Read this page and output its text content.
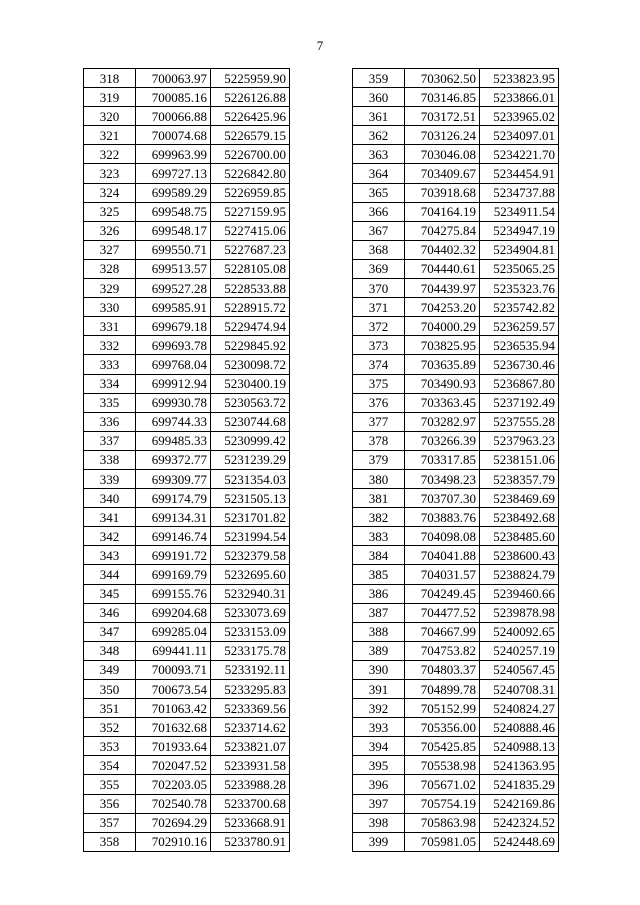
7
318	700063.97	5225959.90
319	700085.16	5226126.88
320	700066.88	5226425.96
321	700074.68	5226579.15
322	699963.99	5226700.00
323	699727.13	5226842.80
324	699589.29	5226959.85
325	699548.75	5227159.95
326	699548.17	5227415.06
327	699550.71	5227687.23
328	699513.57	5228105.08
329	699527.28	5228533.88
330	699585.91	5228915.72
331	699679.18	5229474.94
332	699693.78	5229845.92
333	699768.04	5230098.72
334	699912.94	5230400.19
335	699930.78	5230563.72
336	699744.33	5230744.68
337	699485.33	5230999.42
338	699372.77	5231239.29
339	699309.77	5231354.03
340	699174.79	5231505.13
341	699134.31	5231701.82
342	699146.74	5231994.54
343	699191.72	5232379.58
344	699169.79	5232695.60
345	699155.76	5232940.31
346	699204.68	5233073.69
347	699285.04	5233153.09
348	699441.11	5233175.78
349	700093.71	5233192.11
350	700673.54	5233295.83
351	701063.42	5233369.56
352	701632.68	5233714.62
353	701933.64	5233821.07
354	702047.52	5233931.58
355	702203.05	5233988.28
356	702540.78	5233700.68
357	702694.29	5233668.91
358	702910.16	5233780.91
359	703062.50	5233823.95
360	703146.85	5233866.01
361	703172.51	5233965.02
362	703126.24	5234097.01
363	703046.08	5234221.70
364	703409.67	5234454.91
365	703918.68	5234737.88
366	704164.19	5234911.54
367	704275.84	5234947.19
368	704402.32	5234904.81
369	704440.61	5235065.25
370	704439.97	5235323.76
371	704253.20	5235742.82
372	704000.29	5236259.57
373	703825.95	5236535.94
374	703635.89	5236730.46
375	703490.93	5236867.80
376	703363.45	5237192.49
377	703282.97	5237555.28
378	703266.39	5237963.23
379	703317.85	5238151.06
380	703498.23	5238357.79
381	703707.30	5238469.69
382	703883.76	5238492.68
383	704098.08	5238485.60
384	704041.88	5238600.43
385	704031.57	5238824.79
386	704249.45	5239460.66
387	704477.52	5239878.98
388	704667.99	5240092.65
389	704753.82	5240257.19
390	704803.37	5240567.45
391	704899.78	5240708.31
392	705152.99	5240824.27
393	705356.00	5240888.46
394	705425.85	5240988.13
395	705538.98	5241363.95
396	705671.02	5241835.29
397	705754.19	5242169.86
398	705863.98	5242324.52
399	705981.05	5242448.69
